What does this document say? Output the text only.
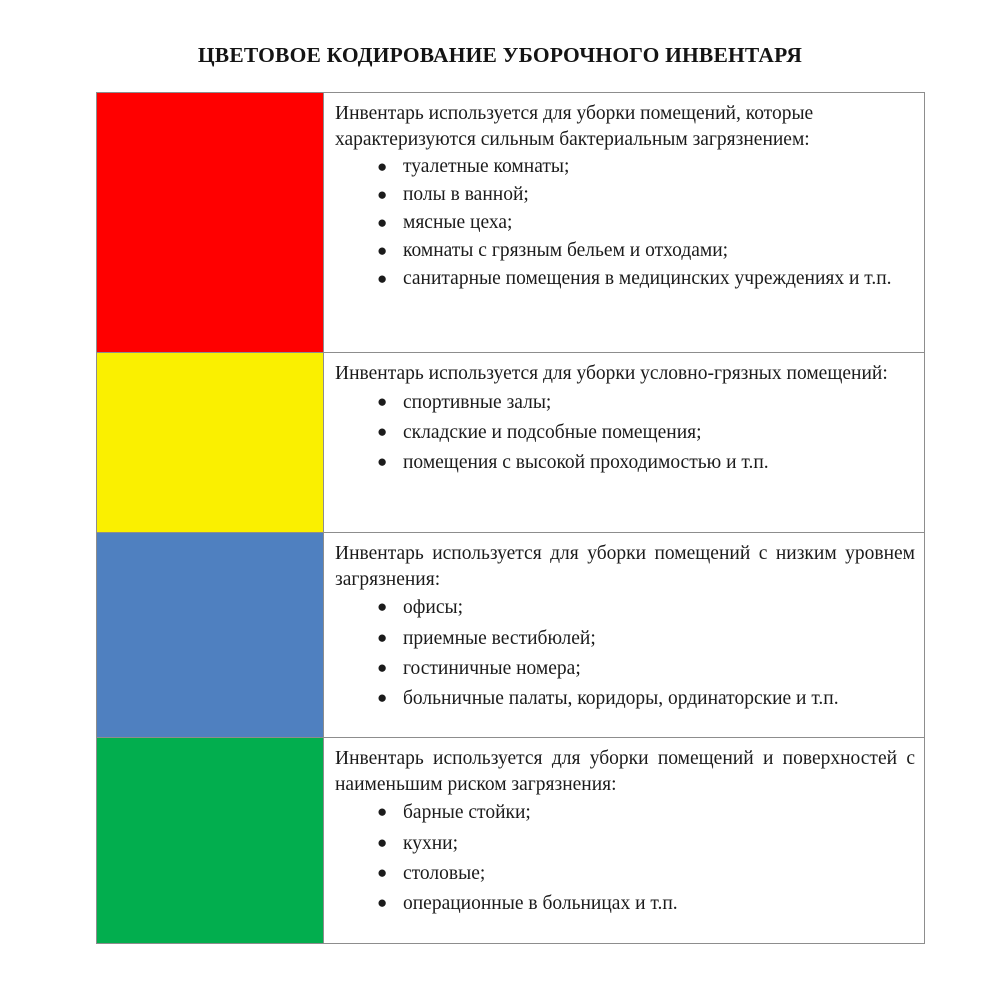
ЦВЕТОВОЕ КОДИРОВАНИЕ УБОРОЧНОГО ИНВЕНТАРЯ

Инвентарь используется для уборки помещений, которые характеризуются сильным бактериальным загрязнением:

● туалетные комнаты;
● полы в ванной;
● мясные цеха;
● комнаты с грязным бельем и отходами;
● санитарные помещения в медицинских учреждениях и т.п.

Инвентарь используется для уборки условно-грязных помещений:

● спортивные залы;
● складские и подсобные помещения;
● помещения с высокой проходимостью и т.п.

Инвентарь используется для уборки помещений с низким уровнем загрязнения:

● офисы;
● приемные вестибюлей;
● гостиничные номера;
● больничные палаты, коридоры, ординаторские и т.п.

Инвентарь используется для уборки помещений и поверхностей с наименьшим риском загрязнения:

● барные стойки;
● кухни;
● столовые;
● операционные в больницах и т.п.
